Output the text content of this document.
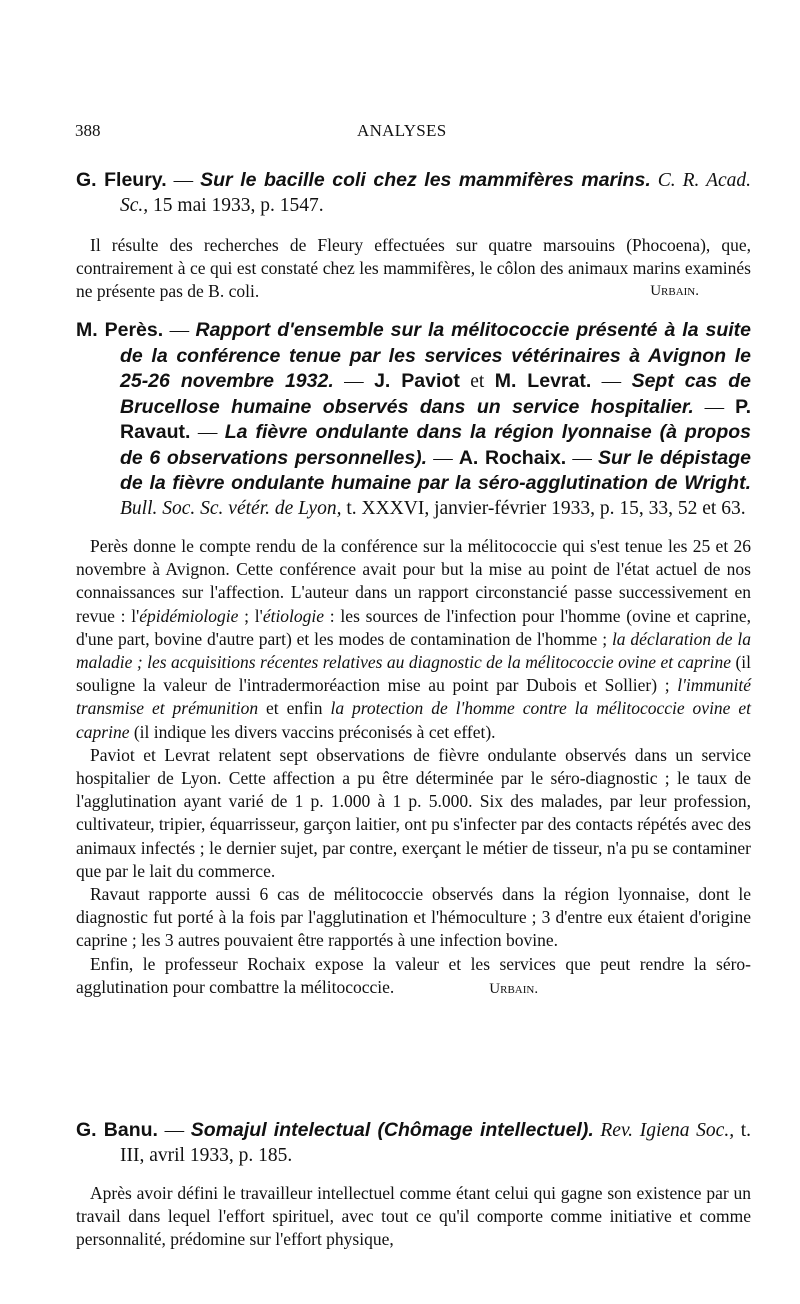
388	ANALYSES

G. Fleury. — Sur le bacille coli chez les mammifères marins. C. R. Acad. Sc., 15 mai 1933, p. 1547.

Il résulte des recherches de Fleury effectuées sur quatre marsouins (Phocoena), que, contrairement à ce qui est constaté chez les mammifères, le côlon des animaux marins examinés ne présente pas de B. coli.	Urbain.

M. Perès. — Rapport d'ensemble sur la mélitococcie présenté à la suite de la conférence tenue par les services vétérinaires à Avignon le 25-26 novembre 1932. — J. Paviot et M. Levrat. — Sept cas de Brucellose humaine observés dans un service hospitalier. — P. Ravaut. — La fièvre ondulante dans la région lyonnaise (à propos de 6 observations personnelles). — A. Rochaix. — Sur le dépistage de la fièvre ondulante humaine par la séro-agglutination de Wright. Bull. Soc. Sc. vétér. de Lyon, t. XXXVI, janvier-février 1933, p. 15, 33, 52 et 63.

Perès donne le compte rendu de la conférence sur la mélitococcie qui s'est tenue les 25 et 26 novembre à Avignon. Cette conférence avait pour but la mise au point de l'état actuel de nos connaissances sur l'affection. L'auteur dans un rapport circonstancié passe successivement en revue : l'épidémiologie ; l'étiologie : les sources de l'infection pour l'homme (ovine et caprine, d'une part, bovine d'autre part) et les modes de contamination de l'homme ; la déclaration de la maladie ; les acquisitions récentes relatives au diagnostic de la mélitococcie ovine et caprine (il souligne la valeur de l'intradermoréaction mise au point par Dubois et Sollier) ; l'immunité transmise et prémunition et enfin la protection de l'homme contre la mélitococcie ovine et caprine (il indique les divers vaccins préconisés à cet effet).

Paviot et Levrat relatent sept observations de fièvre ondulante observés dans un service hospitalier de Lyon. Cette affection a pu être déterminée par le séro-diagnostic ; le taux de l'agglutination ayant varié de 1 p. 1.000 à 1 p. 5.000. Six des malades, par leur profession, cultivateur, tripier, équarrisseur, garçon laitier, ont pu s'infecter par des contacts répétés avec des animaux infectés ; le dernier sujet, par contre, exerçant le métier de tisseur, n'a pu se contaminer que par le lait du commerce.

Ravaut rapporte aussi 6 cas de mélitococcie observés dans la région lyonnaise, dont le diagnostic fut porté à la fois par l'agglutination et l'hémoculture ; 3 d'entre eux étaient d'origine caprine ; les 3 autres pouvaient être rapportés à une infection bovine.

Enfin, le professeur Rochaix expose la valeur et les services que peut rendre la séro-agglutination pour combattre la mélitococcie.	Urbain.

G. Banu. — Somajul intelectual (Chômage intellectuel). Rev. Igiena Soc., t. III, avril 1933, p. 185.

Après avoir défini le travailleur intellectuel comme étant celui qui gagne son existence par un travail dans lequel l'effort spirituel, avec tout ce qu'il comporte comme initiative et comme personnalité, prédomine sur l'effort physique,
